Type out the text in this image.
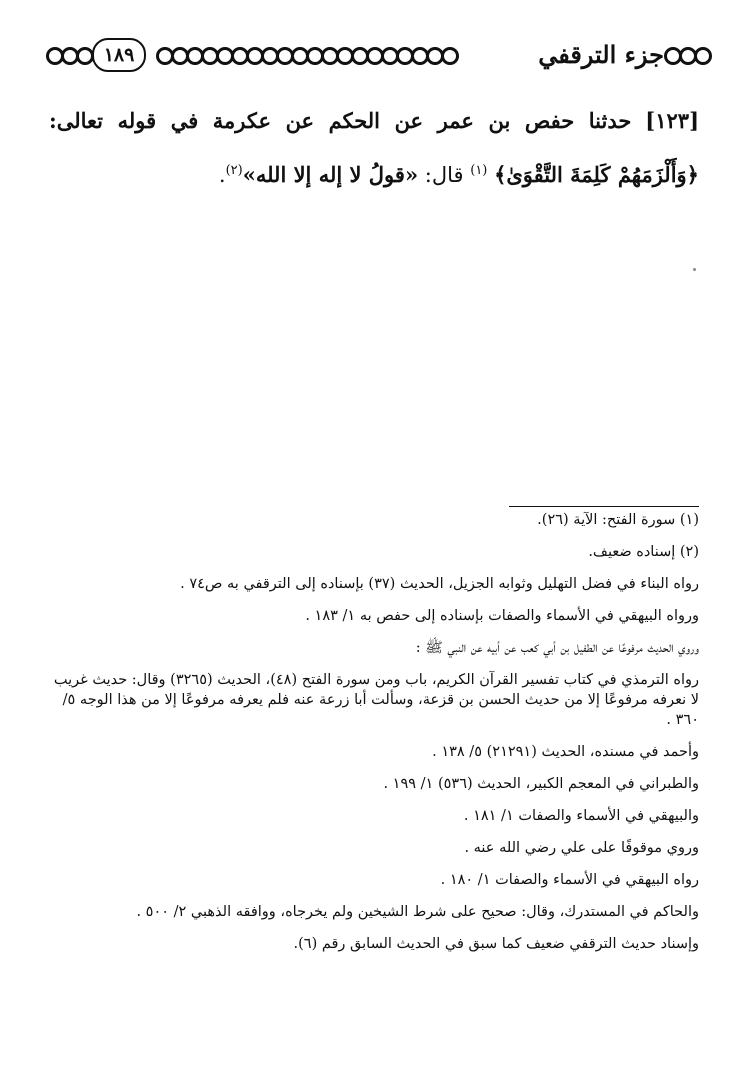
١٨٩	جزء الترقفي
[١٢٣] حدثنا حفص بن عمر عن الحكم عن عكرمة في قوله تعالى: ﴿وَأَلْزَمَهُمْ كَلِمَةَ التَّقْوَىٰ﴾ $^{(١)}$ قال: «قولُ لا إله إلا الله»$^{(٢)}$.

(١) سورة الفتح: الآية (٢٦).

(٢) إسناده ضعيف.

رواه البناء في فضل التهليل وثوابه الجزيل، الحديث (٣٧) بإسناده إلى الترقفي به ص٧٤ .

ورواه البيهقي في الأسماء والصفات بإسناده إلى حفص به ١/ ١٨٣ .

وروي الحديث مرفوعًا عن الطفيل بن أبي كعب عن أبيه عن النبي ﷺ :

رواه الترمذي في كتاب تفسير القرآن الكريم، باب ومن سورة الفتح (٤٨)، الحديث (٣٢٦٥) وقال: حديث غريب لا نعرفه مرفوعًا إلا من حديث الحسن بن قزعة، وسألت أبا زرعة عنه فلم يعرفه مرفوعًا إلا من هذا الوجه ٥/ ٣٦٠ .

وأحمد في مسنده، الحديث (٢١٢٩١) ٥/ ١٣٨ .

والطبراني في المعجم الكبير، الحديث (٥٣٦) ١/ ١٩٩ .

والبيهقي في الأسماء والصفات ١/ ١٨١ .

وروي موقوفًا على علي رضي الله عنه .

رواه البيهقي في الأسماء والصفات ١/ ١٨٠ .

والحاكم في المستدرك، وقال: صحيح على شرط الشيخين ولم يخرجاه، ووافقه الذهبي ٢/ ٥٠٠ .

وإسناد حديث الترقفي ضعيف كما سبق في الحديث السابق رقم (٦).
